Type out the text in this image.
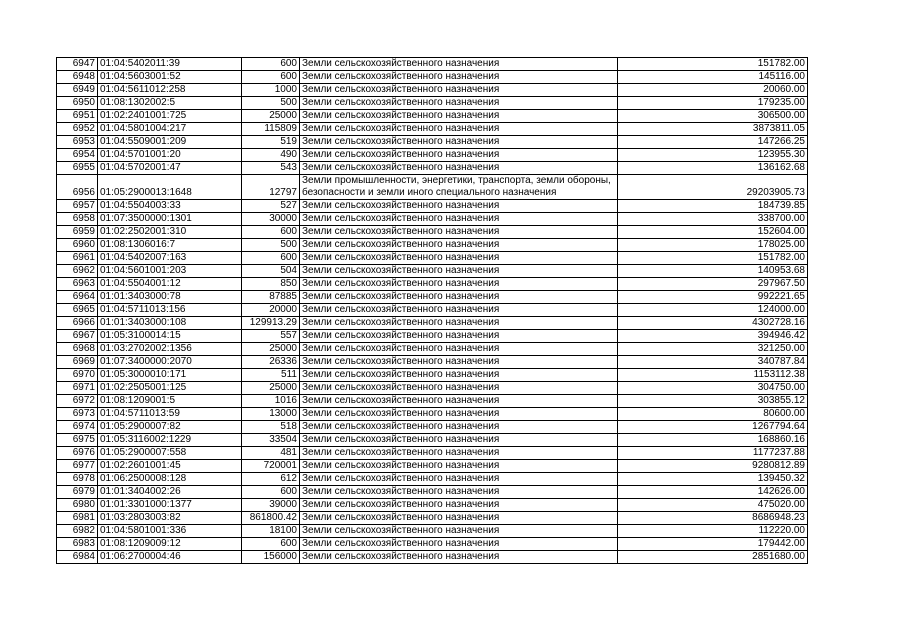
6947	01:04:5402011:39	600	Земли сельскохозяйственного назначения	151782.00
6948	01:04:5603001:52	600	Земли сельскохозяйственного назначения	145116.00
6949	01:04:5611012:258	1000	Земли сельскохозяйственного назначения	20060.00
6950	01:08:1302002:5	500	Земли сельскохозяйственного назначения	179235.00
6951	01:02:2401001:725	25000	Земли сельскохозяйственного назначения	306500.00
6952	01:04:5801004:217	115809	Земли сельскохозяйственного назначения	3873811.05
6953	01:04:5509001:209	519	Земли сельскохозяйственного назначения	147266.25
6954	01:04:5701001:20	490	Земли сельскохозяйственного назначения	123955.30
6955	01:04:5702001:47	543	Земли сельскохозяйственного назначения	136162.68
6956	01:05:2900013:1648	12797	Земли промышленности, энергетики, транспорта, земли обороны, безопасности и земли иного специального назначения	29203905.73
6957	01:04:5504003:33	527	Земли сельскохозяйственного назначения	184739.85
6958	01:07:3500000:1301	30000	Земли сельскохозяйственного назначения	338700.00
6959	01:02:2502001:310	600	Земли сельскохозяйственного назначения	152604.00
6960	01:08:1306016:7	500	Земли сельскохозяйственного назначения	178025.00
6961	01:04:5402007:163	600	Земли сельскохозяйственного назначения	151782.00
6962	01:04:5601001:203	504	Земли сельскохозяйственного назначения	140953.68
6963	01:04:5504001:12	850	Земли сельскохозяйственного назначения	297967.50
6964	01:01:3403000:78	87885	Земли сельскохозяйственного назначения	992221.65
6965	01:04:5711013:156	20000	Земли сельскохозяйственного назначения	124000.00
6966	01:01:3403000:108	129913.29	Земли сельскохозяйственного назначения	4302728.16
6967	01:05:3100014:15	557	Земли сельскохозяйственного назначения	394946.42
6968	01:03:2702002:1356	25000	Земли сельскохозяйственного назначения	321250.00
6969	01:07:3400000:2070	26336	Земли сельскохозяйственного назначения	340787.84
6970	01:05:3000010:171	511	Земли сельскохозяйственного назначения	1153112.38
6971	01:02:2505001:125	25000	Земли сельскохозяйственного назначения	304750.00
6972	01:08:1209001:5	1016	Земли сельскохозяйственного назначения	303855.12
6973	01:04:5711013:59	13000	Земли сельскохозяйственного назначения	80600.00
6974	01:05:2900007:82	518	Земли сельскохозяйственного назначения	1267794.64
6975	01:05:3116002:1229	33504	Земли сельскохозяйственного назначения	168860.16
6976	01:05:2900007:558	481	Земли сельскохозяйственного назначения	1177237.88
6977	01:02:2601001:45	720001	Земли сельскохозяйственного назначения	9280812.89
6978	01:06:2500008:128	612	Земли сельскохозяйственного назначения	139450.32
6979	01:01:3404002:26	600	Земли сельскохозяйственного назначения	142626.00
6980	01:01:3301000:1377	39000	Земли сельскохозяйственного назначения	475020.00
6981	01:03:2803003:82	861800.42	Земли сельскохозяйственного назначения	8686948.23
6982	01:04:5801001:336	18100	Земли сельскохозяйственного назначения	112220.00
6983	01:08:1209009:12	600	Земли сельскохозяйственного назначения	179442.00
6984	01:06:2700004:46	156000	Земли сельскохозяйственного назначения	2851680.00
